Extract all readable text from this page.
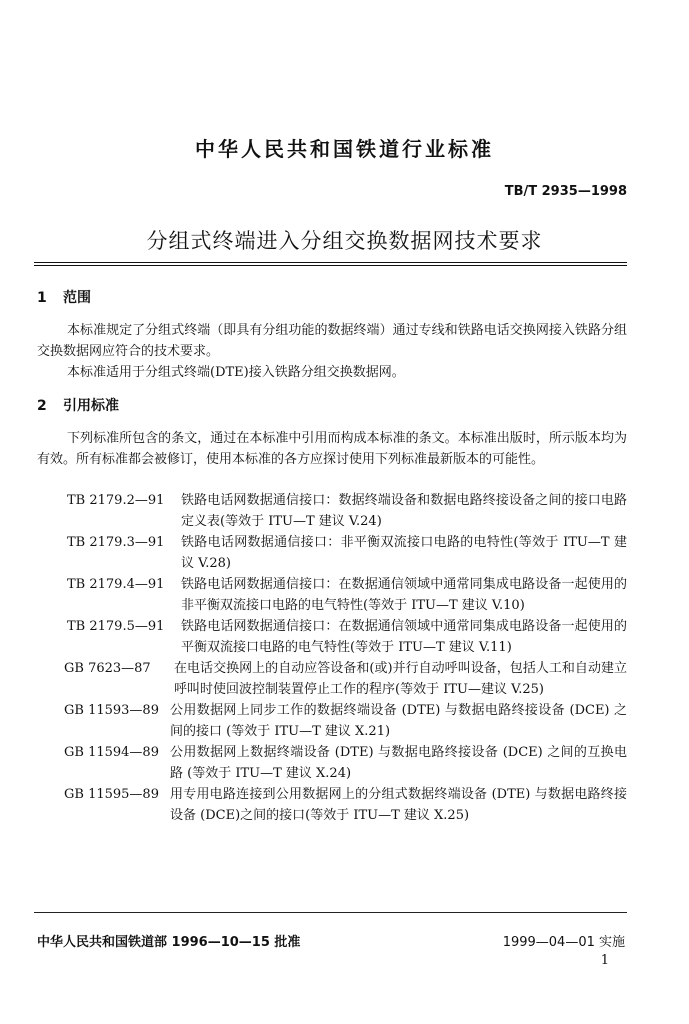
中华人民共和国铁道行业标准
TB/T 2935—1998
分组式终端进入分组交换数据网技术要求
1 范围
本标准规定了分组式终端（即具有分组功能的数据终端）通过专线和铁路电话交换网接入铁路分组交换数据网应符合的技术要求。
本标准适用于分组式终端(DTE)接入铁路分组交换数据网。
2 引用标准
下列标准所包含的条文，通过在本标准中引用而构成本标准的条文。本标准出版时，所示版本均为有效。所有标准都会被修订，使用本标准的各方应探讨使用下列标准最新版本的可能性。
TB 2179.2—91	铁路电话网数据通信接口：数据终端设备和数据电路终接设备之间的接口电路定义表(等效于 ITU—T 建议 V.24)
TB 2179.3—91	铁路电话网数据通信接口：非平衡双流接口电路的电特性(等效于 ITU—T 建议 V.28)
TB 2179.4—91	铁路电话网数据通信接口：在数据通信领域中通常同集成电路设备一起使用的非平衡双流接口电路的电气特性(等效于 ITU—T 建议 V.10)
TB 2179.5—91	铁路电话网数据通信接口：在数据通信领域中通常同集成电路设备一起使用的平衡双流接口电路的电气特性(等效于 ITU—T 建议 V.11)
GB 7623—87	在电话交换网上的自动应答设备和(或)并行自动呼叫设备，包括人工和自动建立呼叫时使回波控制装置停止工作的程序(等效于 ITU—建议 V.25)
GB 11593—89 公用数据网上同步工作的数据终端设备 (DTE) 与数据电路终接设备 (DCE) 之间的接口 (等效于 ITU—T 建议 X.21)
GB 11594—89 公用数据网上数据终端设备 (DTE) 与数据电路终接设备 (DCE) 之间的互换电路 (等效于 ITU—T 建议 X.24)
GB 11595—89 用专用电路连接到公用数据网上的分组式数据终端设备 (DTE) 与数据电路终接设备 (DCE)之间的接口(等效于 ITU—T 建议 X.25)
中华人民共和国铁道部 1996—10—15 批准	1999—04—01 实施
1
